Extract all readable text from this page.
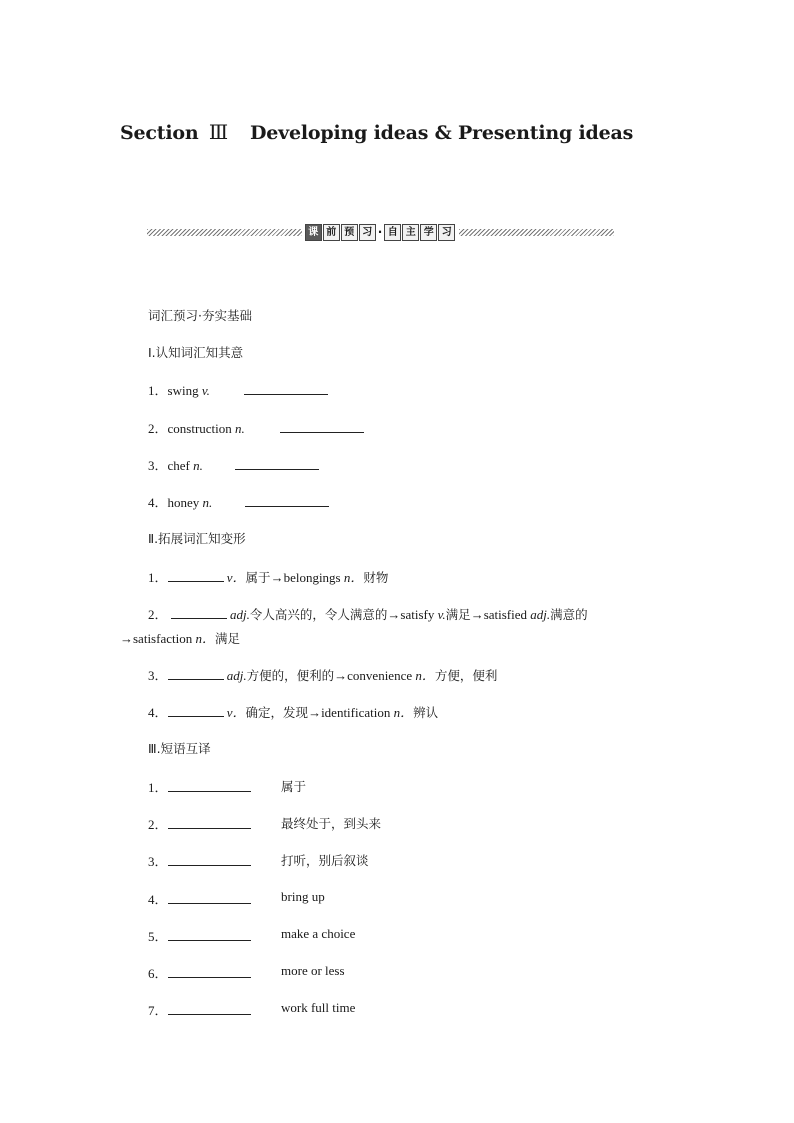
Section Ⅲ Developing ideas & Presenting ideas
课 前 预 习 · 自 主 学 习
词汇预习·夯实基础
Ⅰ.认知词汇知其意
1．swing v.
2．construction n.
3．chef n.
4．honey n.
Ⅱ.拓展词汇知变形
1．	v．属于→belongings n．财物
2．	adj.令人高兴的，令人满意的→satisfy v.满足→satisfied adj.满意的
→satisfaction n．满足
3．	adj.方便的，便利的→convenience n．方便，便利
4．	v．确定，发现→identification n．辨认
Ⅲ.短语互译
1．	属于
2．	最终处于，到头来
3．	打听，别后叙谈
4．	bring up
5．	make a choice
6．	more or less
7．	work full time
